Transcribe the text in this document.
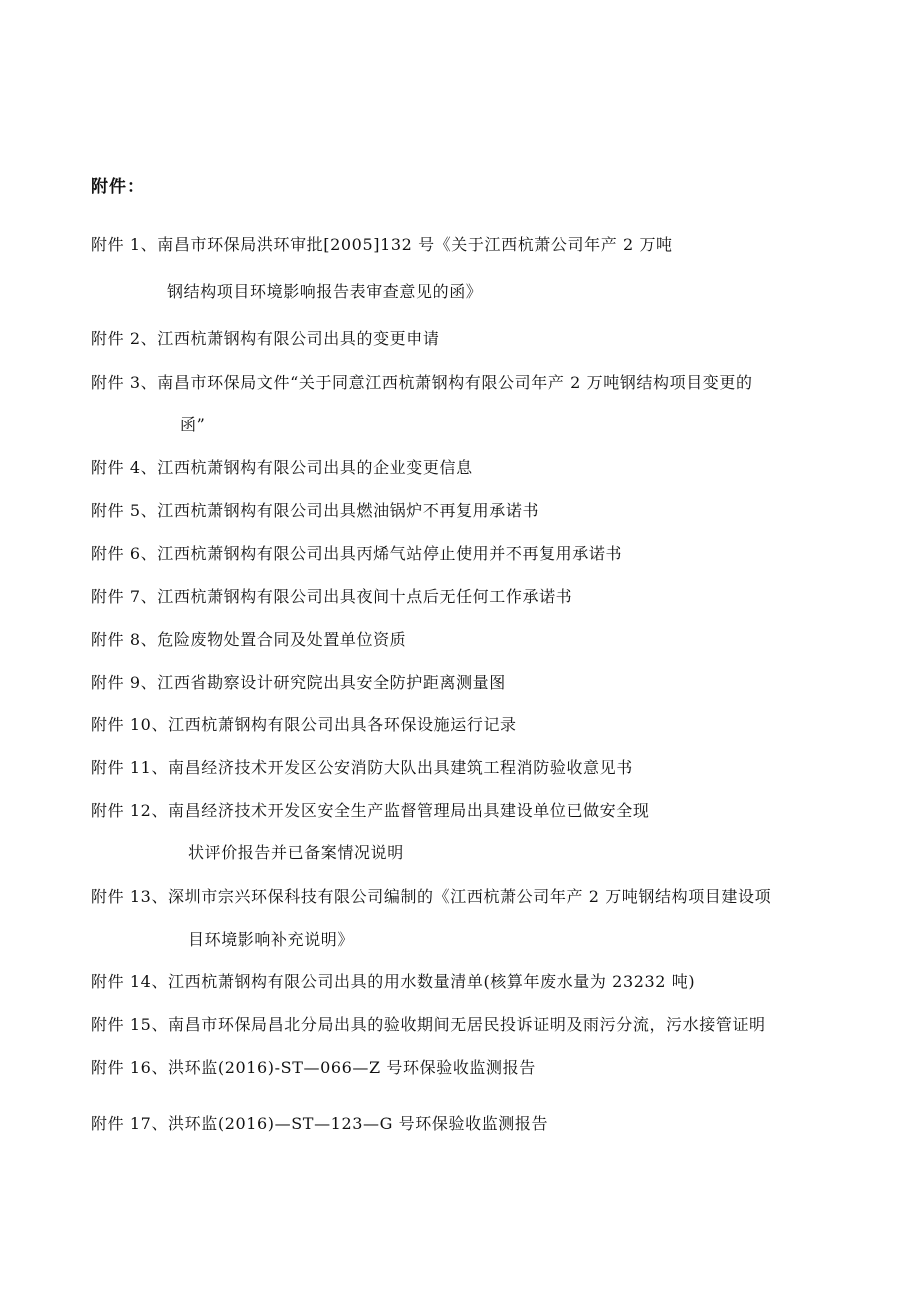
附件：
附件 1、南昌市环保局洪环审批[2005]132 号《关于江西杭萧公司年产 2 万吨
钢结构项目环境影响报告表审查意见的函》
附件 2、江西杭萧钢构有限公司出具的变更申请
附件 3、南昌市环保局文件“关于同意江西杭萧钢构有限公司年产 2 万吨钢结构项目变更的
函”
附件 4、江西杭萧钢构有限公司出具的企业变更信息
附件 5、江西杭萧钢构有限公司出具燃油锅炉不再复用承诺书
附件 6、江西杭萧钢构有限公司出具丙烯气站停止使用并不再复用承诺书
附件 7、江西杭萧钢构有限公司出具夜间十点后无任何工作承诺书
附件 8、危险废物处置合同及处置单位资质
附件 9、江西省勘察设计研究院出具安全防护距离测量图
附件 10、江西杭萧钢构有限公司出具各环保设施运行记录
附件 11、南昌经济技术开发区公安消防大队出具建筑工程消防验收意见书
附件 12、南昌经济技术开发区安全生产监督管理局出具建设单位已做安全现
状评价报告并已备案情况说明
附件 13、深圳市宗兴环保科技有限公司编制的《江西杭萧公司年产 2 万吨钢结构项目建设项
目环境影响补充说明》
附件 14、江西杭萧钢构有限公司出具的用水数量清单(核算年废水量为 23232 吨)
附件 15、南昌市环保局昌北分局出具的验收期间无居民投诉证明及雨污分流，污水接管证明
附件 16、洪环监(2016)-ST—066—Z 号环保验收监测报告
附件 17、洪环监(2016)—ST—123—G 号环保验收监测报告
